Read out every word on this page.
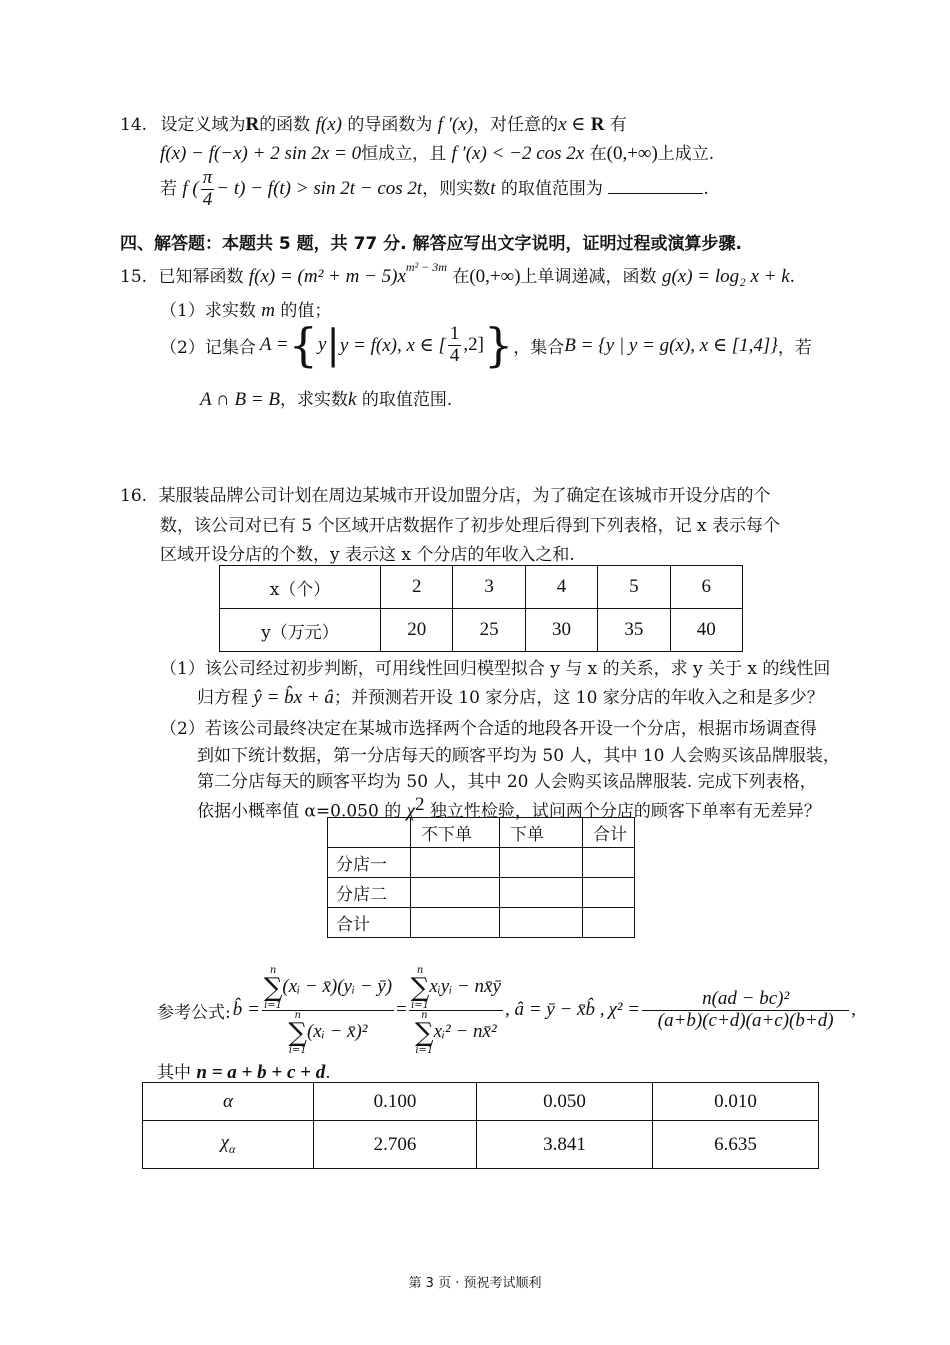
14. 设定义域为R的函数 f(x) 的导函数为 f ′(x)，对任意的x ∈ R 有
f(x) − f(−x) + 2 sin 2x = 0恒成立，且 f ′(x) < −2 cos 2x 在(0,+∞)上成立.
若 f ( $\frac{\pi}{4} - t) - f(t) > \sin 2t - \cos 2t$，则实数t 的取值范围为	.
四、解答题：本题共 5 题，共 77 分. 解答应写出文字说明，证明过程或演算步骤.
15. 已知幂函数 $f(x) = (m^2 + m - 5)x^{m^2 - 3m}$ 在(0,+∞)上单调递减，函数 g(x) = log₂ x + k.
（1）求实数 m 的值；
（2）记集合 A = { y | y = f(x), x ∈ [ $\frac{1}{4} ,2$] } ，集合 B = {y | y = g(x), x ∈ [1,4]} ，若
A ∩ B = B，求实数k 的取值范围.
16. 某服装品牌公司计划在周边某城市开设加盟分店，为了确定在该城市开设分店的个
数，该公司对已有 5 个区域开店数据作了初步处理后得到下列表格，记 x 表示每个
区域开设分店的个数，y 表示这 x 个分店的年收入之和.
x（个）	2	3	4	5	6
y（万元）	20	25	30	35	40
（1）该公司经过初步判断，可用线性回归模型拟合 y 与 x 的关系，求 y 关于 x 的线性回
归方程 ŷ = b̂x + â；并预测若开设 10 家分店，这 10 家分店的年收入之和是多少？
（2）若该公司最终决定在某城市选择两个合适的地段各开设一个分店，根据市场调查得
到如下统计数据，第一分店每天的顾客平均为 50 人，其中 10 人会购买该品牌服装，
第二分店每天的顾客平均为 50 人，其中 20 人会购买该品牌服装. 完成下列表格，
依据小概率值 α=0.050 的 $\chi^2$ 独立性检验，试问两个分店的顾客下单率有无差异？
	不下单	下单	合计
分店一			
分店二			
合计			
参考公式: b̂ = n
∑
i=1
(xᵢ − x̄)(yᵢ − ȳ)
n
∑
i=1
(xᵢ − x̄)² = n
∑
i=1
xᵢyᵢ − nx̄ȳ
n
∑
i=1
xᵢ² − nx̄² , â = ȳ − x̄b̂ , $\chi^2 = \frac{\text{n(ad − bc)²}}{(a+b)(c+d)(a+c)(b+d)}$ ,
其中 n = a + b + c + d.
α	0.100	0.050	0.010
$\chi_\alpha$	2.706	3.841	6.635
第 3 页 · 预祝考试顺利
